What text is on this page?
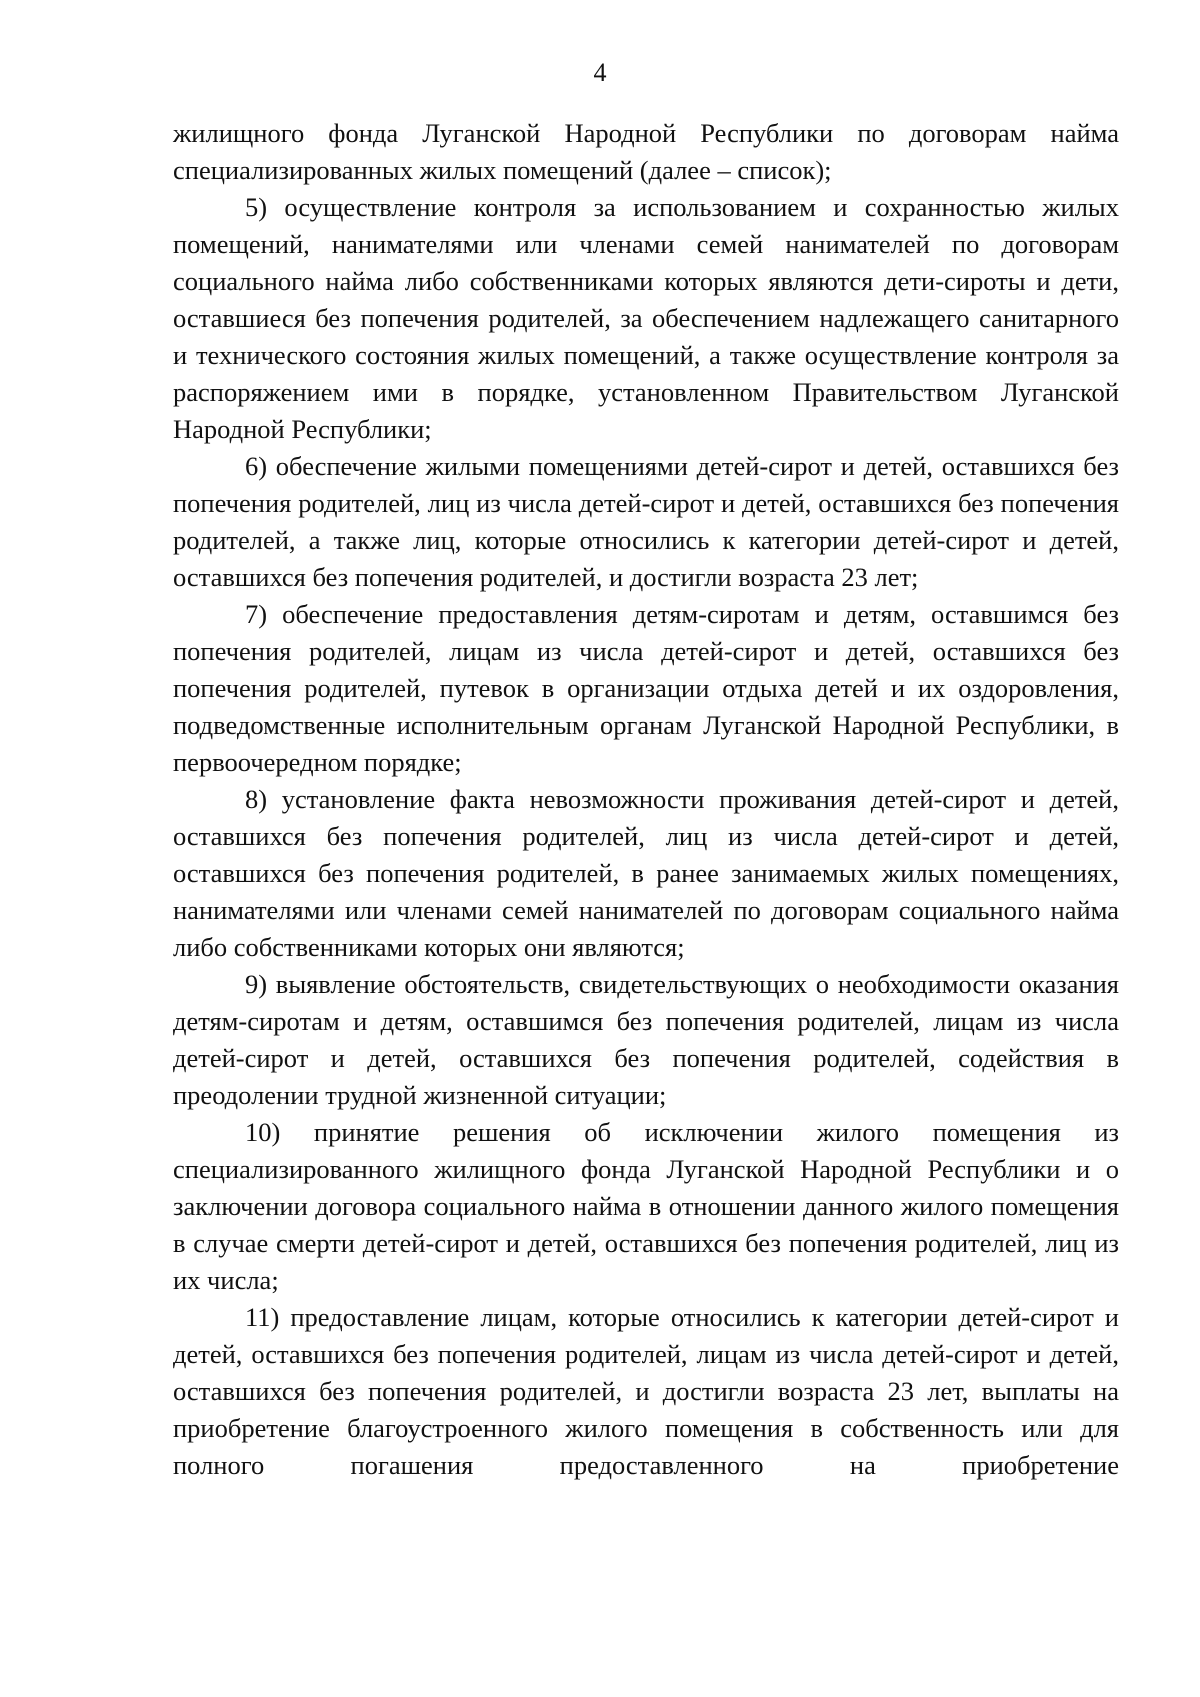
4

жилищного фонда Луганской Народной Республики по договорам найма специализированных жилых помещений (далее – список);

5) осуществление контроля за использованием и сохранностью жилых помещений, нанимателями или членами семей нанимателей по договорам социального найма либо собственниками которых являются дети-сироты и дети, оставшиеся без попечения родителей, за обеспечением надлежащего санитарного и технического состояния жилых помещений, а также осуществление контроля за распоряжением ими в порядке, установленном Правительством Луганской Народной Республики;

6) обеспечение жилыми помещениями детей-сирот и детей, оставшихся без попечения родителей, лиц из числа детей-сирот и детей, оставшихся без попечения родителей, а также лиц, которые относились к категории детей-сирот и детей, оставшихся без попечения родителей, и достигли возраста 23 лет;

7) обеспечение предоставления детям-сиротам и детям, оставшимся без попечения родителей, лицам из числа детей-сирот и детей, оставшихся без попечения родителей, путевок в организации отдыха детей и их оздоровления, подведомственные исполнительным органам Луганской Народной Республики, в первоочередном порядке;

8) установление факта невозможности проживания детей-сирот и детей, оставшихся без попечения родителей, лиц из числа детей-сирот и детей, оставшихся без попечения родителей, в ранее занимаемых жилых помещениях, нанимателями или членами семей нанимателей по договорам социального найма либо собственниками которых они являются;

9) выявление обстоятельств, свидетельствующих о необходимости оказания детям-сиротам и детям, оставшимся без попечения родителей, лицам из числа детей-сирот и детей, оставшихся без попечения родителей, содействия в преодолении трудной жизненной ситуации;

10) принятие решения об исключении жилого помещения из специализированного жилищного фонда Луганской Народной Республики и о заключении договора социального найма в отношении данного жилого помещения в случае смерти детей-сирот и детей, оставшихся без попечения родителей, лиц из их числа;

11) предоставление лицам, которые относились к категории детей-сирот и детей, оставшихся без попечения родителей, лицам из числа детей-сирот и детей, оставшихся без попечения родителей, и достигли возраста 23 лет, выплаты на приобретение благоустроенного жилого помещения в собственность или для полного погашения предоставленного на приобретение
